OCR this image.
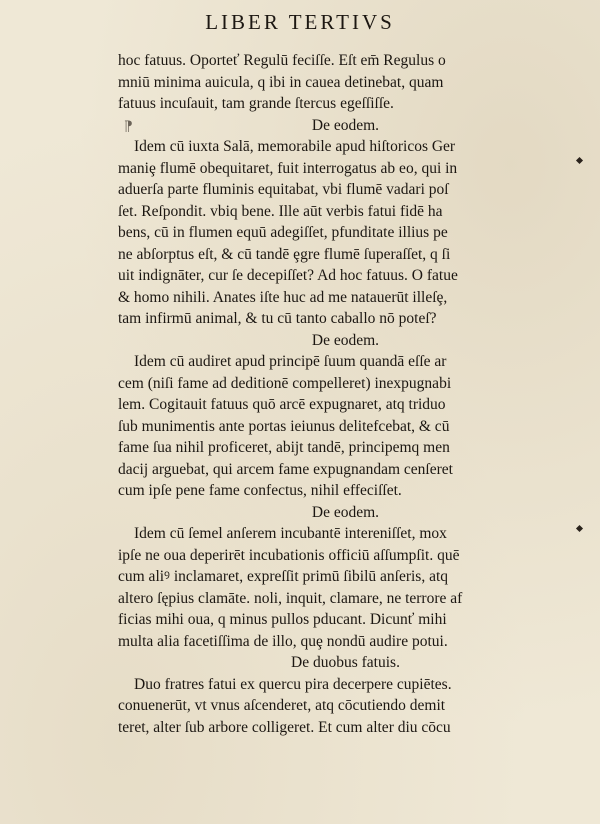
LIBER TERTIVS
hoc fatuus. Oporteť Regulū feciſſe. Eſt em̄ Regulus o
mniū minima auicula, q ibi in cauea detinebat, quam
fatuus incuſauit, tam grande ſtercus egeſſiſſe.
De eodem.
Idem cū iuxta Salā, memorabile apud hiſtoricos Ger
maniȩ flumē obequitaret, fuit interrogatus ab eo, qui in
aduerſa parte fluminis equitabat, vbi flumē vadari poſ
ſet. Reſpondit. vbiq bene. Ille aūt verbis fatui fidē ha
bens, cū in flumen equū adegiſſet, pfunditate illius pe
ne abſorptus eſt, & cū tandē ȩgre flumē ſuperaſſet, q ſi
uit indignāter, cur ſe decepiſſet? Ad hoc fatuus. O fatue
& homo nihili. Anates iſte huc ad me natauerūt illeſȩ,
tam infirmū animal, & tu cū tanto caballo nō poteſ?
De eodem.
Idem cū audiret apud principē ſuum quandā eſſe ar
cem (niſi fame ad deditionē compelleret) inexpugnabi
lem. Cogitauit fatuus quō arcē expugnaret, atq triduo
ſub munimentis ante portas ieiunus delitefcebat, & cū
fame ſua nihil proficeret, abijt tandē, principemq men
dacij arguebat, qui arcem fame expugnandam cenſeret
cum ipſe pene fame confectus, nihil effeciſſet.
De eodem.
Idem cū ſemel anſerem incubantē intereniſſet, mox
ipſe ne oua deperirēt incubationis officiū aſſumpſit. quē
cum aliꝰ inclamaret, expreſſit primū ſibilū anſeris, atq
altero ſępius clamāte. noli, inquit, clamare, ne terrore af
ficias mihi oua, q minus pullos pducant. Dicunť mihi
multa alia facetiſſima de illo, quȩ nondū audire potui.
De duobus fatuis.
Duo fratres fatui ex quercu pira decerpere cupiētes.
conuenerūt, vt vnus aſcenderet, atq cōcutiendo demit
teret, alter ſub arbore colligeret. Et cum alter diu cōcu
⁋
